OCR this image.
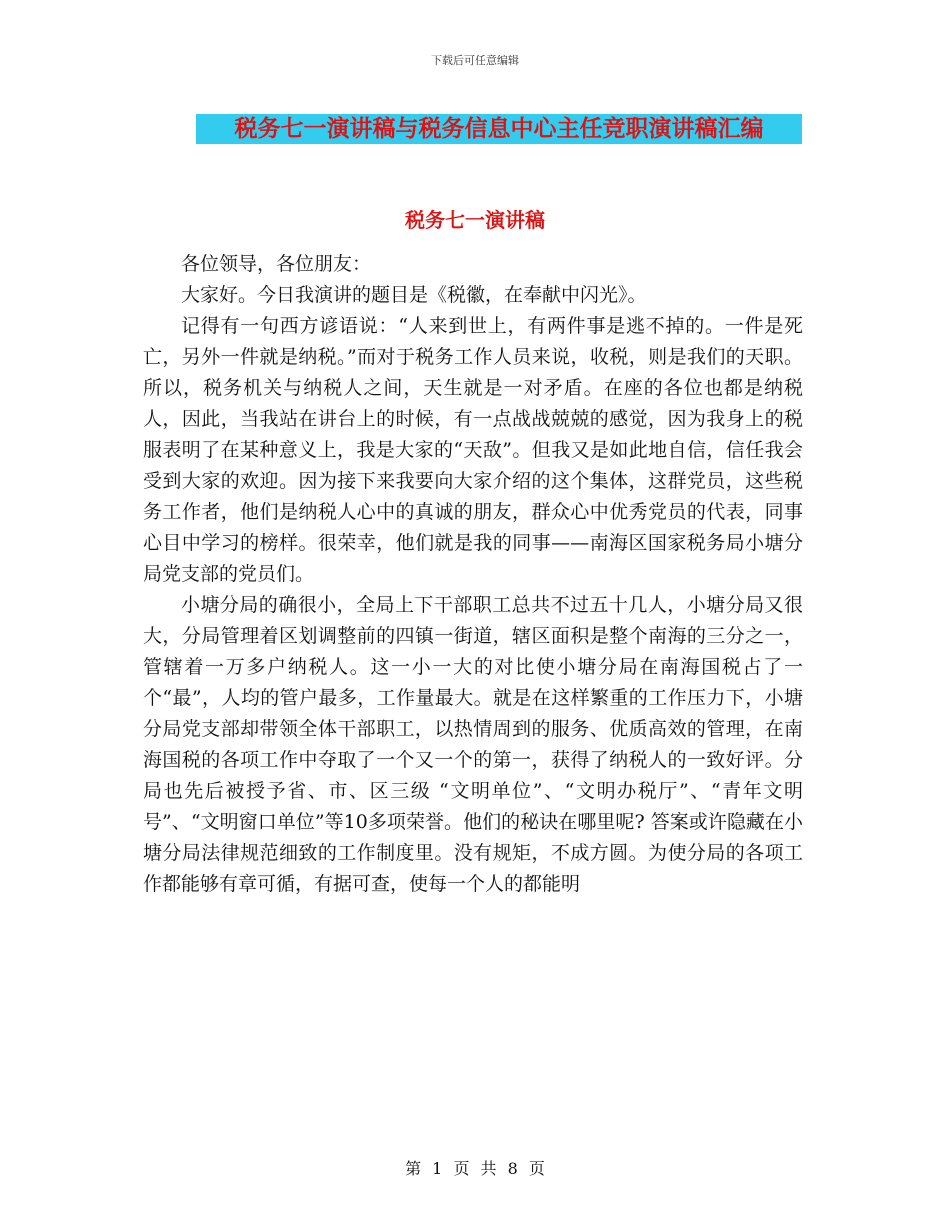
下载后可任意编辑
税务七一演讲稿与税务信息中心主任竞职演讲稿汇编
税务七一演讲稿

各位领导，各位朋友：

大家好。今日我演讲的题目是《税徽，在奉献中闪光》。

记得有一句西方谚语说：“人来到世上，有两件事是逃不掉的。一件是死亡，另外一件就是纳税。”而对于税务工作人员来说，收税，则是我们的天职。所以，税务机关与纳税人之间，天生就是一对矛盾。在座的各位也都是纳税人，因此，当我站在讲台上的时候，有一点战战兢兢的感觉，因为我身上的税服表明了在某种意义上，我是大家的“天敌”。但我又是如此地自信，信任我会受到大家的欢迎。因为接下来我要向大家介绍的这个集体，这群党员，这些税务工作者，他们是纳税人心中的真诚的朋友，群众心中优秀党员的代表，同事心目中学习的榜样。很荣幸，他们就是我的同事——南海区国家税务局小塘分局党支部的党员们。

小塘分局的确很小，全局上下干部职工总共不过五十几人，小塘分局又很大，分局管理着区划调整前的四镇一街道，辖区面积是整个南海的三分之一，管辖着一万多户纳税人。这一小一大的对比使小塘分局在南海国税占了一个“最”，人均的管户最多，工作量最大。就是在这样繁重的工作压力下，小塘分局党支部却带领全体干部职工，以热情周到的服务、优质高效的管理，在南海国税的各项工作中夺取了一个又一个的第一，获得了纳税人的一致好评。分局也先后被授予省、市、区三级 “文明单位”、“文明办税厅”、“青年文明号”、“文明窗口单位”等10多项荣誉。他们的秘诀在哪里呢? 答案或许隐藏在小塘分局法律规范细致的工作制度里。没有规矩，不成方圆。为使分局的各项工作都能够有章可循，有据可查，使每一个人的都能明

第 1 页 共 8 页
